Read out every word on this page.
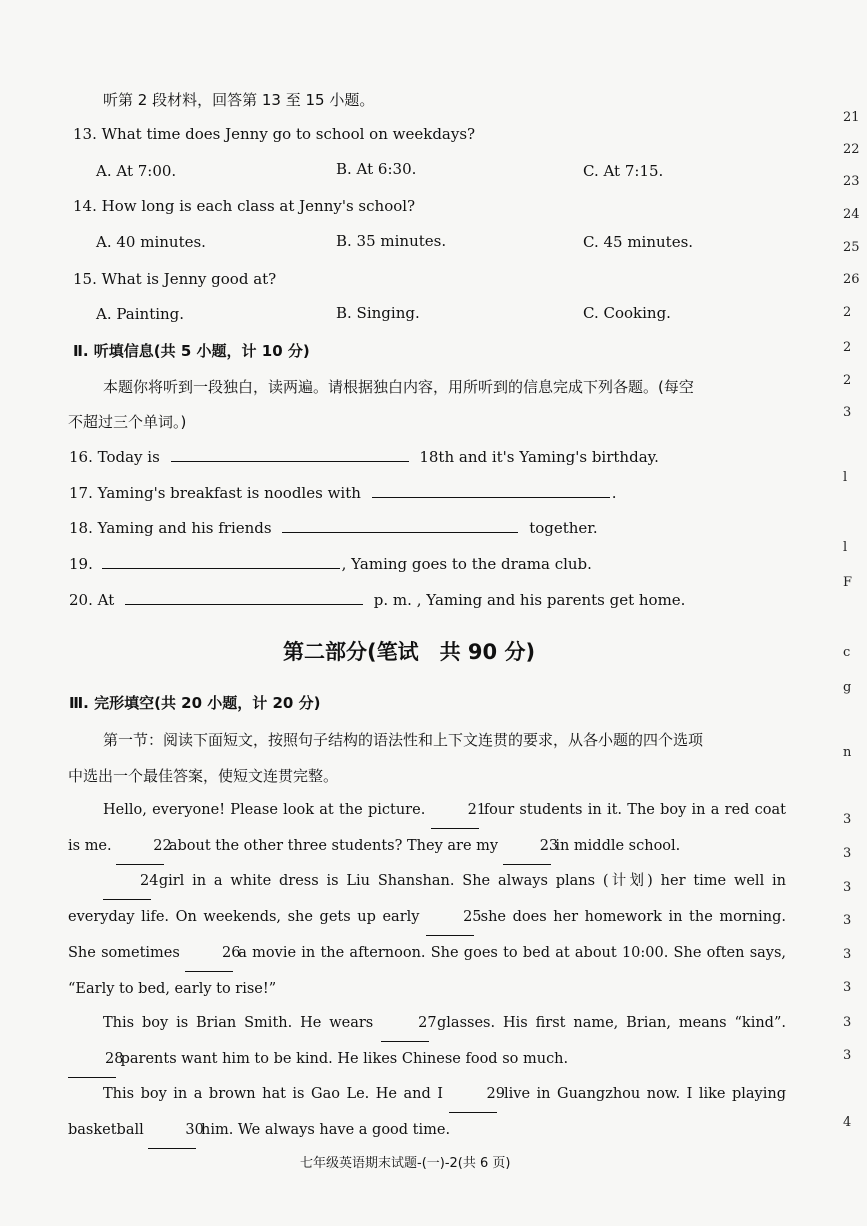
听第 2 段材料，回答第 13 至 15 小题。
13. What time does Jenny go to school on weekdays?
A. At 7:00.	B. At 6:30.	C. At 7:15.
14. How long is each class at Jenny's school?
A. 40 minutes.	B. 35 minutes.	C. 45 minutes.
15. What is Jenny good at?
A. Painting.	B. Singing.	C. Cooking.
Ⅱ. 听填信息(共 5 小题，计 10 分)
本题你将听到一段独白，读两遍。请根据独白内容，用所听到的信息完成下列各题。(每空
不超过三个单词。)
16. Today is	18th and it's Yaming's birthday.
17. Yaming's breakfast is noodles with	.
18. Yaming and his friends	together.
19.	, Yaming goes to the drama club.
20. At	p. m. , Yaming and his parents get home.
第二部分(笔试　共 90 分)
Ⅲ. 完形填空(共 20 小题，计 20 分)
第一节：阅读下面短文，按照句子结构的语法性和上下文连贯的要求，从各小题的四个选项
中选出一个最佳答案，使短文连贯完整。
Hello, everyone! Please look at the picture.	21 four students in it. The boy in a red coat is me.	22 about the other three students? They are my	23 in middle school.
24 girl in a white dress is Liu Shanshan. She always plans (计划) her time well in everyday life. On weekends, she gets up early	25 she does her homework in the morning. She sometimes	26 a movie in the afternoon. She goes to bed at about 10:00. She often says, “Early to bed, early to rise!”
This boy is Brian Smith. He wears	27 glasses. His first name, Brian, means “kind”. 28 parents want him to be kind. He likes Chinese food so much.
This boy in a brown hat is Gao Le. He and I	29 live in Guangzhou now. I like playing basketball	30 him. We always have a good time.
七年级英语期末试题-(一)-2(共 6 页)
21
22
23
24
25
26
2
2
2
3
l
l
F
c
g
n
3
3
3
3
3
3
3
3
4
